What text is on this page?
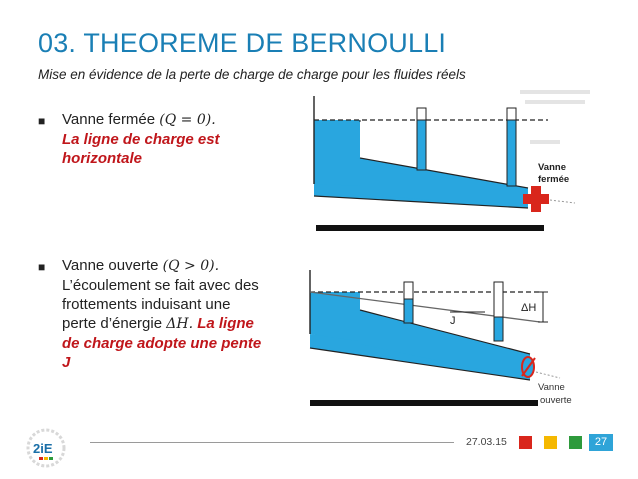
03. THEOREME DE BERNOULLI
Mise en évidence de la perte de charge de charge pour les fluides réels
■ Vanne fermée (𝑄 = 0).
La ligne de charge est horizontale
■ Vanne ouverte (𝑄 > 0).
L’écoulement se fait avec des frottements induisant une perte d’énergie Δ𝐻. La ligne de charge adopte une pente J
Vanne
fermée
J
ΔH
Vanne
ouverte
2iE	27.03.15	27
